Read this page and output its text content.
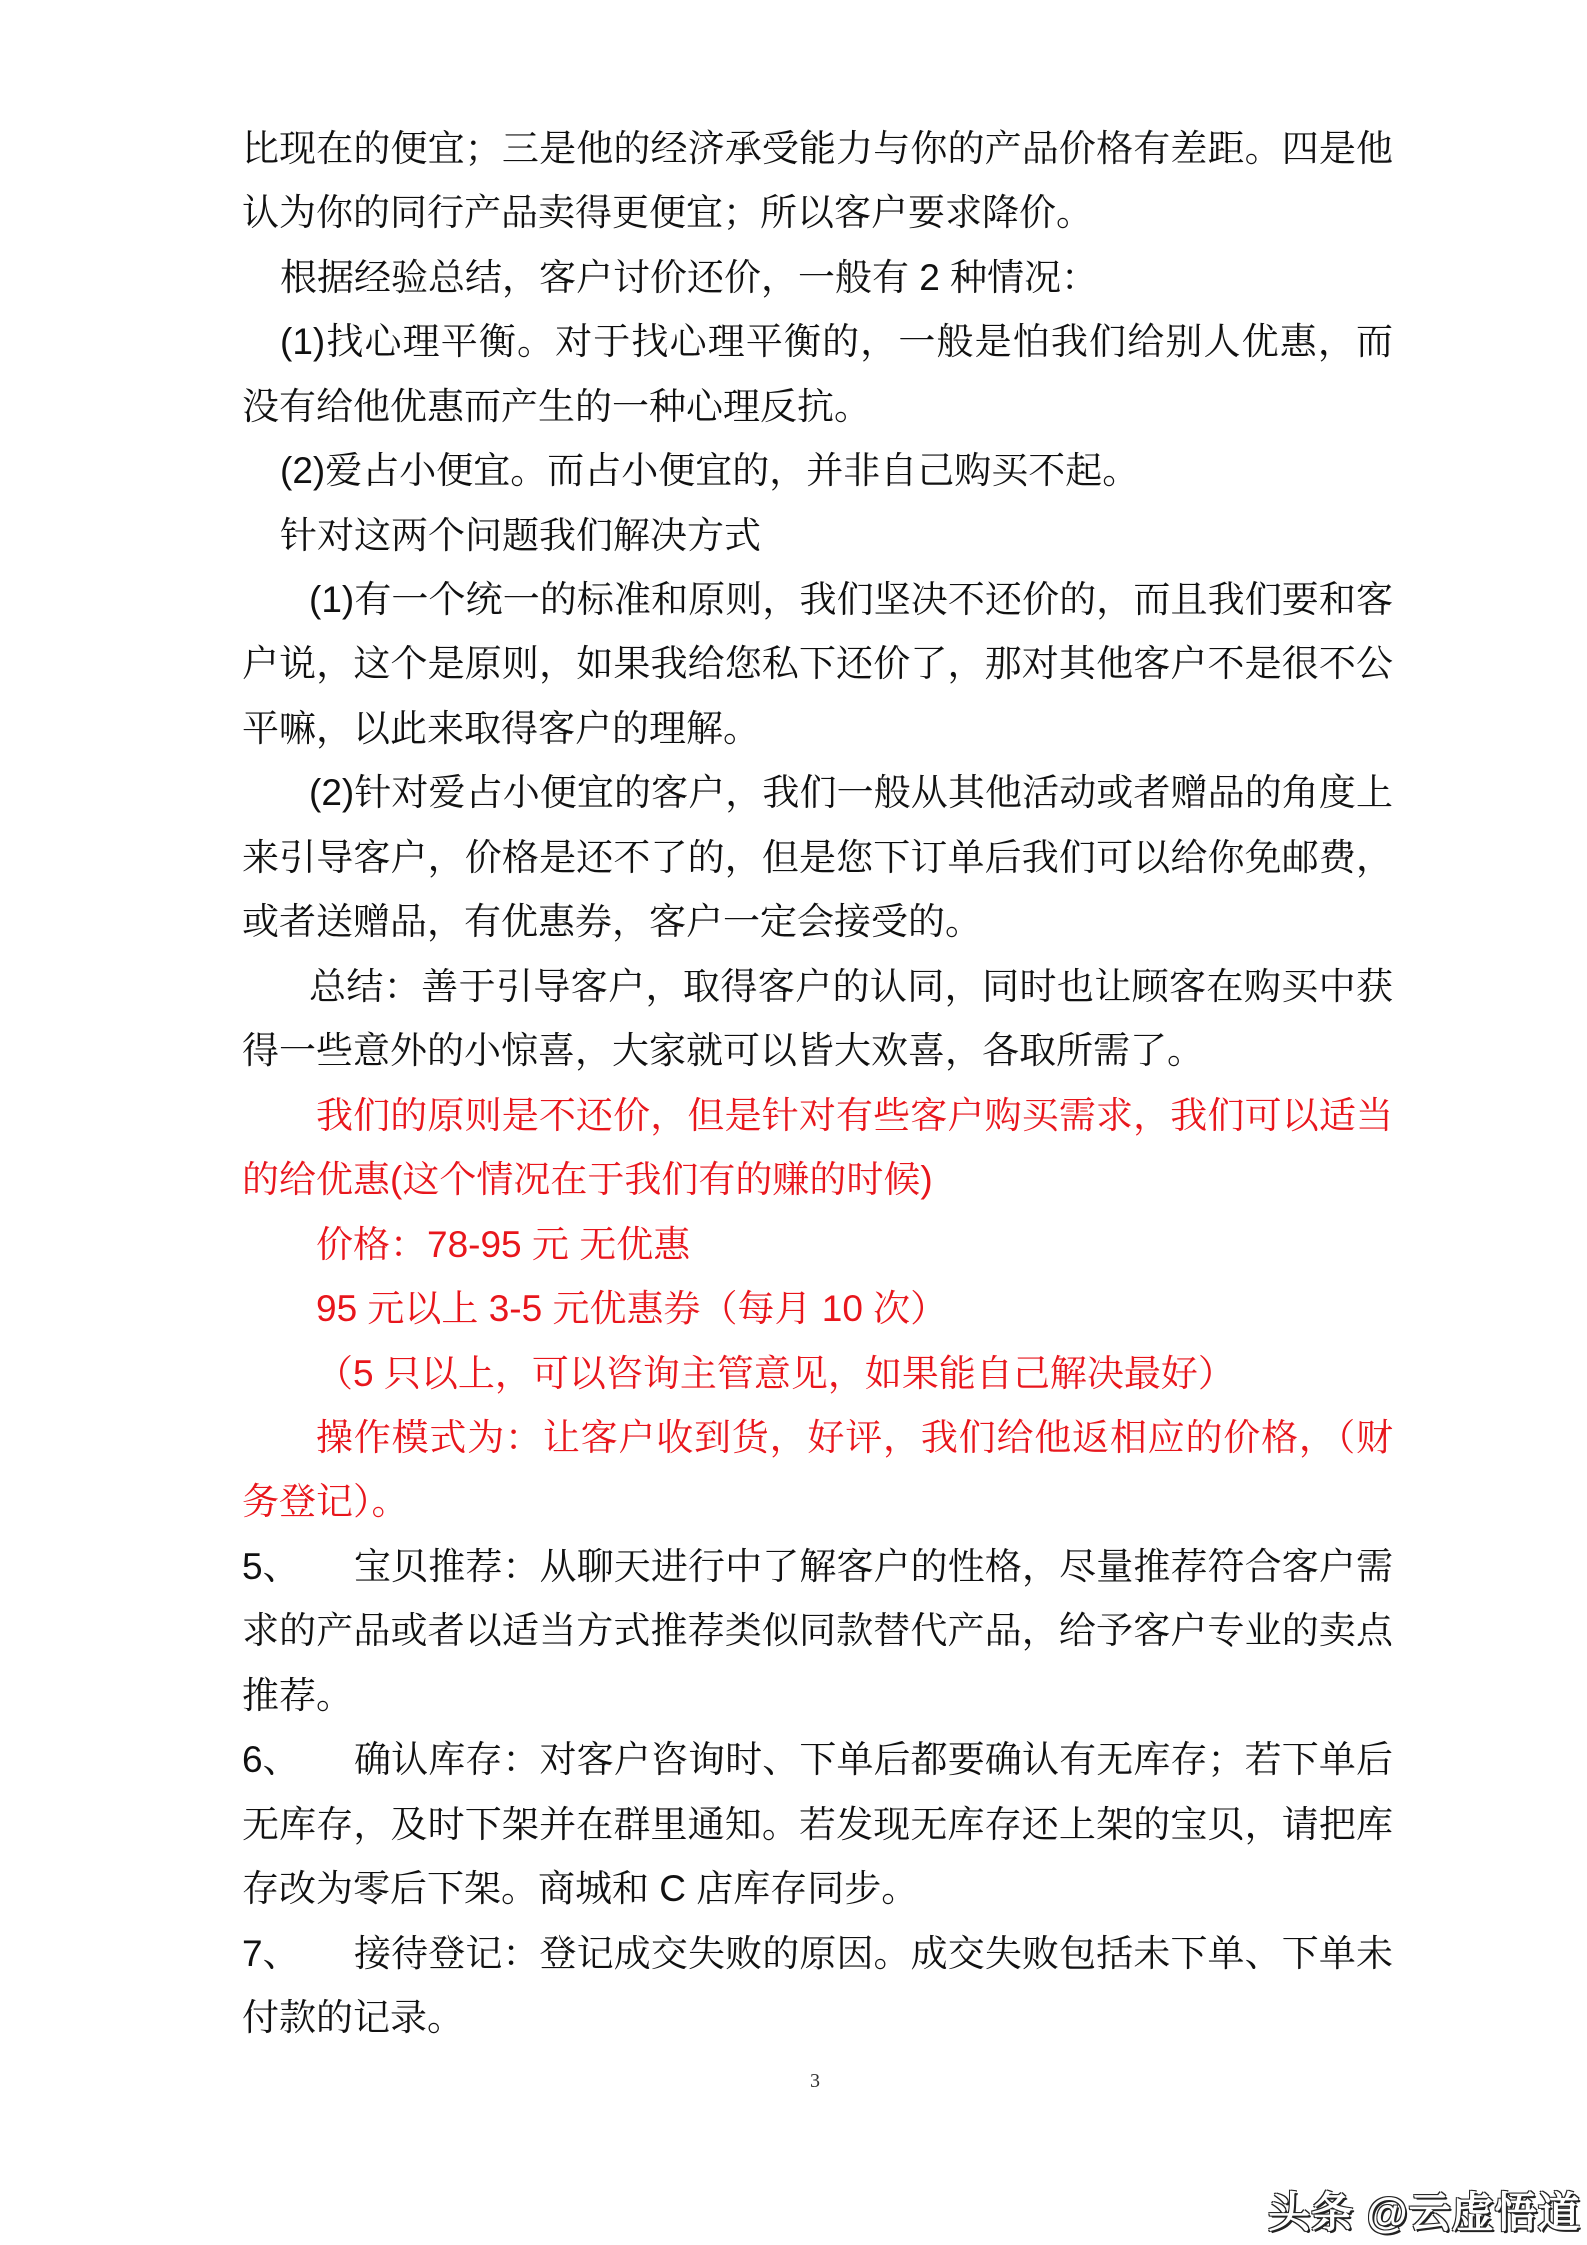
比现在的便宜；三是他的经济承受能力与你的产品价格有差距。四是他
认为你的同行产品卖得更便宜；所以客户要求降价。
根据经验总结，客户讨价还价，一般有 2 种情况：
(1)找心理平衡。对于找心理平衡的，一般是怕我们给别人优惠，而
没有给他优惠而产生的一种心理反抗。
(2)爱占小便宜。而占小便宜的，并非自己购买不起。
针对这两个问题我们解决方式
(1)有一个统一的标准和原则，我们坚决不还价的，而且我们要和客
户说，这个是原则，如果我给您私下还价了，那对其他客户不是很不公
平嘛，以此来取得客户的理解。
(2)针对爱占小便宜的客户，我们一般从其他活动或者赠品的角度上
来引导客户，价格是还不了的，但是您下订单后我们可以给你免邮费，
或者送赠品，有优惠券，客户一定会接受的。
总结：善于引导客户，取得客户的认同，同时也让顾客在购买中获
得一些意外的小惊喜，大家就可以皆大欢喜，各取所需了。
我们的原则是不还价，但是针对有些客户购买需求，我们可以适当
的给优惠(这个情况在于我们有的赚的时候)
价格：78-95 元 无优惠
95 元以上 3-5 元优惠券（每月 10 次）
（5 只以上，可以咨询主管意见，如果能自己解决最好）
操作模式为：让客户收到货，好评，我们给他返相应的价格，（财
务登记）。
5、	宝贝推荐：从聊天进行中了解客户的性格，尽量推荐符合客户需
求的产品或者以适当方式推荐类似同款替代产品，给予客户专业的卖点
推荐。
6、	确认库存：对客户咨询时、下单后都要确认有无库存；若下单后
无库存，及时下架并在群里通知。若发现无库存还上架的宝贝，请把库
存改为零后下架。商城和 C 店库存同步。
7、	接待登记：登记成交失败的原因。成交失败包括未下单、下单未
付款的记录。
3
头条 @云虚悟道
